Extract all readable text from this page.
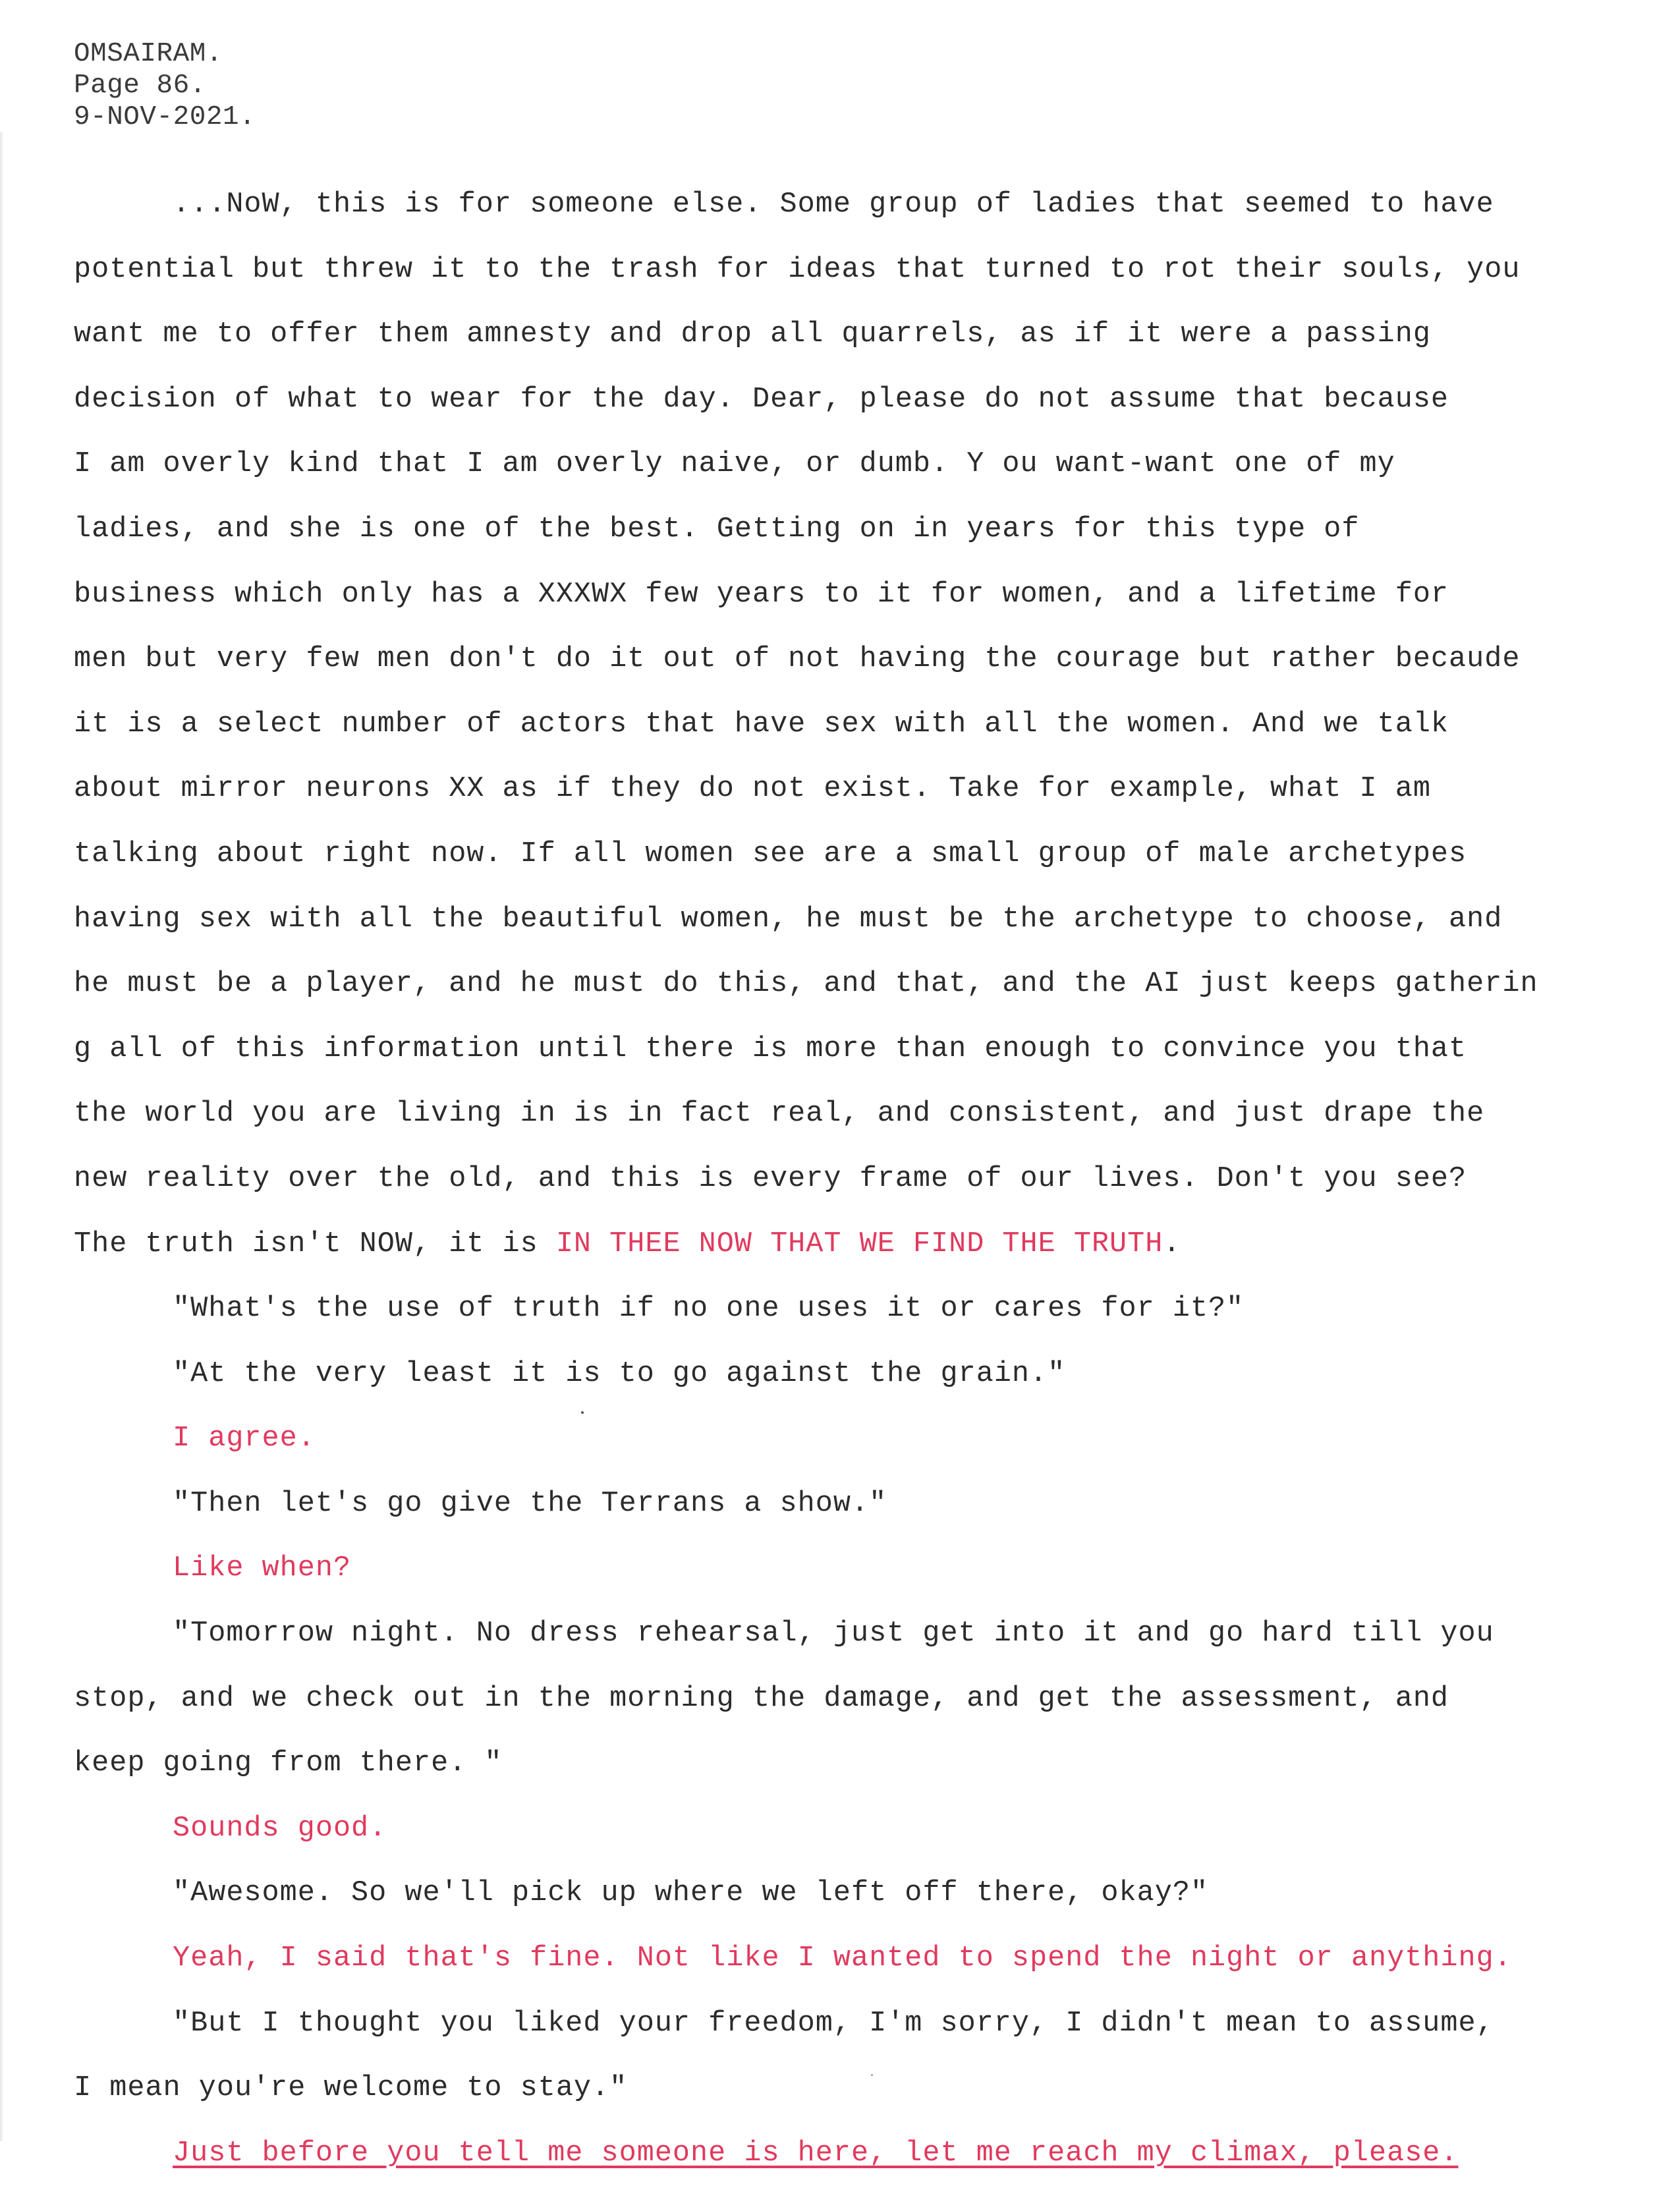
OMSAIRAM.
Page 86.
9-NOV-2021.
...NoW, this is for someone else. Some group of ladies that seemed to have
potential but threw it to the trash for ideas that turned to rot their souls, you
want me to offer them amnesty and drop all quarrels, as if it were a passing
decision of what to wear for the day. Dear, please do not assume that because
I am overly kind that I am overly naive, or dumb. Y ou want-want one of my
ladies, and she is one of the best. Getting on in years for this type of
business which only has a XXXWX few years to it for women, and a lifetime for
men but very few men don't do it out of not having the courage but rather becaude
it is a select number of actors that have sex with all the women. And we talk
about mirror neurons XX as if they do not exist. Take for example, what I am
talking about right now. If all women see are a small group of male archetypes
having sex with all the beautiful women, he must be the archetype to choose, and
he must be a player, and he must do this, and that, and the AI just keeps gatherin
g all of this information until there is more than enough to convince you that
the world you are living in is in fact real, and consistent, and just drape the
new reality over the old, and this is every frame of our lives. Don't you see?
The truth isn't NOW, it is IN THEE NOW THAT WE FIND THE TRUTH.
"What's the use of truth if no one uses it or cares for it?"
"At the very least it is to go against the grain."
I agree.
"Then let's go give the Terrans a show."
Like when?
"Tomorrow night. No dress rehearsal, just get into it and go hard till you
stop, and we check out in the morning the damage, and get the assessment, and
keep going from there. "
Sounds good.
"Awesome. So we'll pick up where we left off there, okay?"
Yeah, I said that's fine. Not like I wanted to spend the night or anything.
"But I thought you liked your freedom, I'm sorry, I didn't mean to assume,
I mean you're welcome to stay."
Just before you tell me someone is here, let me reach my climax, please.
